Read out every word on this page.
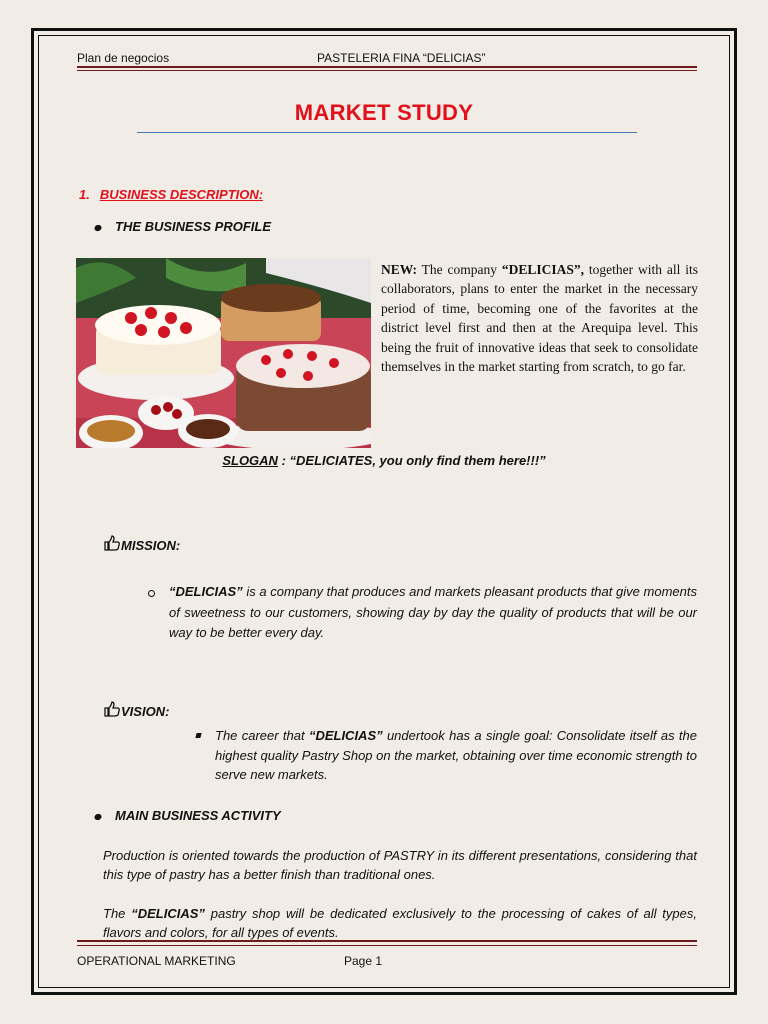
Plan de negocios	PASTELERIA FINA “DELICIAS”
MARKET STUDY
1. BUSINESS DESCRIPTION:
THE BUSINESS PROFILE
NEW: The company “DELICIAS”, together with all its collaborators, plans to enter the market in the necessary period of time, becoming one of the favorites at the district level first and then at the Arequipa level. This being the fruit of innovative ideas that seek to consolidate themselves in the market starting from scratch, to go far.
SLOGAN : “DELICIATES, you only find them here!!!”
MISSION:
“DELICIAS” is a company that produces and markets pleasant products that give moments of sweetness to our customers, showing day by day the quality of products that will be our way to be better every day.
VISION:
The career that “DELICIAS” undertook has a single goal: Consolidate itself as the highest quality Pastry Shop on the market, obtaining over time economic strength to serve new markets.
MAIN BUSINESS ACTIVITY
Production is oriented towards the production of PASTRY in its different presentations, considering that this type of pastry has a better finish than traditional ones.
The “DELICIAS” pastry shop will be dedicated exclusively to the processing of cakes of all types, flavors and colors, for all types of events.
OPERATIONAL MARKETING	Page 1
